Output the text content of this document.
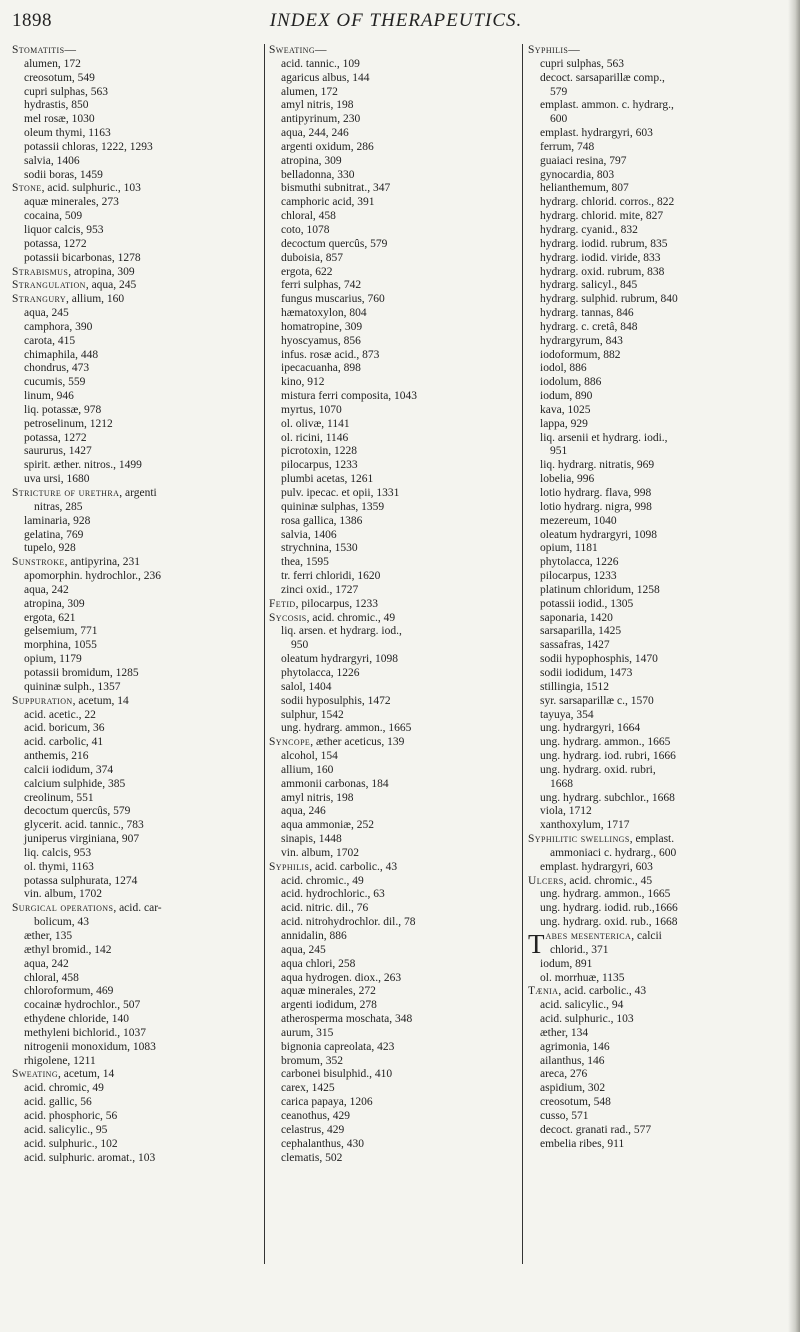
1898	INDEX OF THERAPEUTICS.
Stomatitis—
alumen, 172
creosotum, 549
cupri sulphas, 563
hydrastis, 850
mel rosæ, 1030
oleum thymi, 1163
potassii chloras, 1222, 1293
salvia, 1406
sodii boras, 1459
Stone, acid. sulphuric., 103
aquæ minerales, 273
cocaina, 509
liquor calcis, 953
potassa, 1272
potassii bicarbonas, 1278
Strabismus, atropina, 309
Strangulation, aqua, 245
Strangury, allium, 160
aqua, 245
camphora, 390
carota, 415
chimaphila, 448
chondrus, 473
cucumis, 559
linum, 946
liq. potassæ, 978
petroselinum, 1212
potassa, 1272
saururus, 1427
spirit. æther. nitros., 1499
uva ursi, 1680
Stricture of urethra, argenti
nitras, 285
laminaria, 928
gelatina, 769
tupelo, 928
Sunstroke, antipyrina, 231
apomorphin. hydrochlor., 236
aqua, 242
atropina, 309
ergota, 621
gelsemium, 771
morphina, 1055
opium, 1179
potassii bromidum, 1285
quininæ sulph., 1357
Suppuration, acetum, 14
acid. acetic., 22
acid. boricum, 36
acid. carbolic, 41
anthemis, 216
calcii iodidum, 374
calcium sulphide, 385
creolinum, 551
decoctum quercûs, 579
glycerit. acid. tannic., 783
juniperus virginiana, 907
liq. calcis, 953
ol. thymi, 1163
potassa sulphurata, 1274
vin. album, 1702
Surgical operations, acid. car-
bolicum, 43
æther, 135
æthyl bromid., 142
aqua, 242
chloral, 458
chloroformum, 469
cocainæ hydrochlor., 507
ethydene chloride, 140
methyleni bichlorid., 1037
nitrogenii monoxidum, 1083
rhigolene, 1211
Sweating, acetum, 14
acid. chromic, 49
acid. gallic, 56
acid. phosphoric, 56
acid. salicylic., 95
acid. sulphuric., 102
acid. sulphuric. aromat., 103
Sweating—
acid. tannic., 109
agaricus albus, 144
alumen, 172
amyl nitris, 198
antipyrinum, 230
aqua, 244, 246
argenti oxidum, 286
atropina, 309
belladonna, 330
bismuthi subnitrat., 347
camphoric acid, 391
chloral, 458
coto, 1078
decoctum quercûs, 579
duboisia, 857
ergota, 622
ferri sulphas, 742
fungus muscarius, 760
hæmatoxylon, 804
homatropine, 309
hyoscyamus, 856
infus. rosæ acid., 873
ipecacuanha, 898
kino, 912
mistura ferri composita, 1043
myrtus, 1070
ol. olivæ, 1141
ol. ricini, 1146
picrotoxin, 1228
pilocarpus, 1233
plumbi acetas, 1261
pulv. ipecac. et opii, 1331
quininæ sulphas, 1359
rosa gallica, 1386
salvia, 1406
strychnina, 1530
thea, 1595
tr. ferri chloridi, 1620
zinci oxid., 1727
Fetid, pilocarpus, 1233
Sycosis, acid. chromic., 49
liq. arsen. et hydrarg. iod.,
950
oleatum hydrargyri, 1098
phytolacca, 1226
salol, 1404
sodii hyposulphis, 1472
sulphur, 1542
ung. hydrarg. ammon., 1665
Syncope, æther aceticus, 139
alcohol, 154
allium, 160
ammonii carbonas, 184
amyl nitris, 198
aqua, 246
aqua ammoniæ, 252
sinapis, 1448
vin. album, 1702
Syphilis, acid. carbolic., 43
acid. chromic., 49
acid. hydrochloric., 63
acid. nitric. dil., 76
acid. nitrohydrochlor. dil., 78
annidalin, 886
aqua, 245
aqua chlori, 258
aqua hydrogen. diox., 263
aquæ minerales, 272
argenti iodidum, 278
atherosperma moschata, 348
aurum, 315
bignonia capreolata, 423
bromum, 352
carbonei bisulphid., 410
carex, 1425
carica papaya, 1206
ceanothus, 429
celastrus, 429
cephalanthus, 430
clematis, 502
Syphilis—
cupri sulphas, 563
decoct. sarsaparillæ comp.,
579
emplast. ammon. c. hydrarg.,
600
emplast. hydrargyri, 603
ferrum, 748
guaiaci resina, 797
gynocardia, 803
helianthemum, 807
hydrarg. chlorid. corros., 822
hydrarg. chlorid. mite, 827
hydrarg. cyanid., 832
hydrarg. iodid. rubrum, 835
hydrarg. iodid. viride, 833
hydrarg. oxid. rubrum, 838
hydrarg. salicyl., 845
hydrarg. sulphid. rubrum, 840
hydrarg. tannas, 846
hydrarg. c. cretâ, 848
hydrargyrum, 843
iodoformum, 882
iodol, 886
iodolum, 886
iodum, 890
kava, 1025
lappa, 929
liq. arsenii et hydrarg. iodi.,
951
liq. hydrarg. nitratis, 969
lobelia, 996
lotio hydrarg. flava, 998
lotio hydrarg. nigra, 998
mezereum, 1040
oleatum hydrargyri, 1098
opium, 1181
phytolacca, 1226
pilocarpus, 1233
platinum chloridum, 1258
potassii iodid., 1305
saponaria, 1420
sarsaparilla, 1425
sassafras, 1427
sodii hypophosphis, 1470
sodii iodidum, 1473
stillingia, 1512
syr. sarsaparillæ c., 1570
tayuya, 354
ung. hydrargyri, 1664
ung. hydrarg. ammon., 1665
ung. hydrarg. iod. rubri, 1666
ung. hydrarg. oxid. rubri,
1668
ung. hydrarg. subchlor., 1668
viola, 1712
xanthoxylum, 1717
Syphilitic swellings, emplast.
ammoniaci c. hydrarg., 600
emplast. hydrargyri, 603
Ulcers, acid. chromic., 45
ung. hydrarg. ammon., 1665
ung. hydrarg. iodid. rub.,1666
ung. hydrarg. oxid. rub., 1668
Tabes mesenterica, calcii
chlorid., 371
iodum, 891
ol. morrhuæ, 1135
Tænia, acid. carbolic., 43
acid. salicylic., 94
acid. sulphuric., 103
æther, 134
agrimonia, 146
ailanthus, 146
areca, 276
aspidium, 302
creosotum, 548
cusso, 571
decoct. granati rad., 577
embelia ribes, 911
